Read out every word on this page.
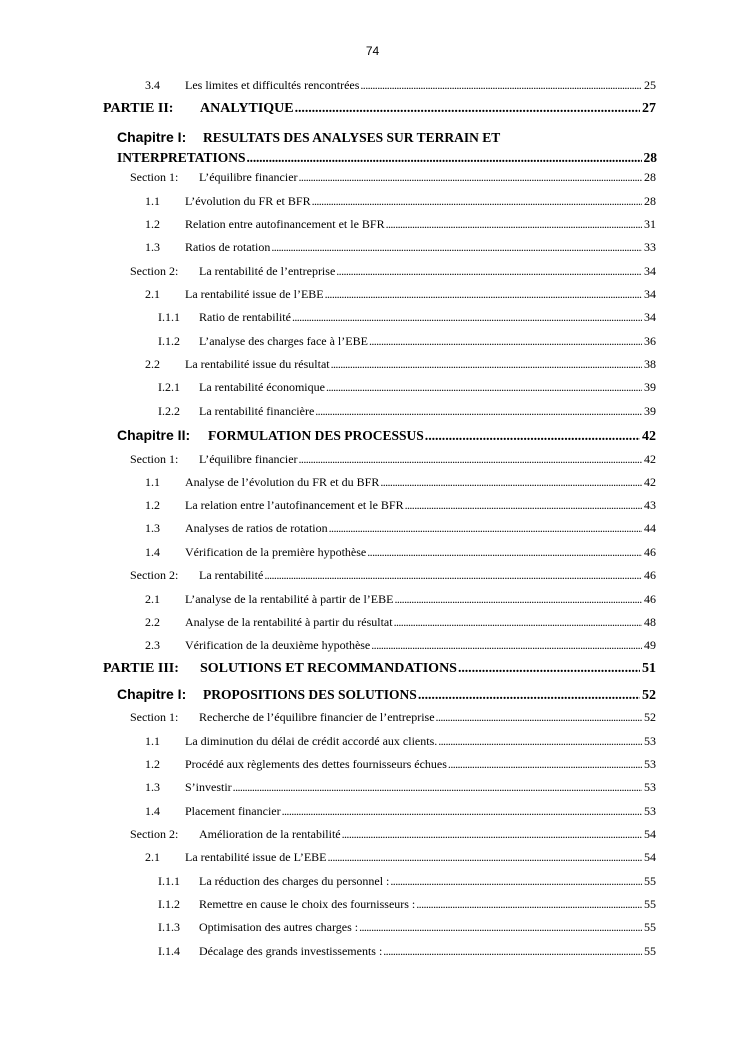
74
3.4	Les limites et difficultés rencontrées . . .	25
PARTIE II:	ANALYTIQUE . . .	27
Chapitre I:	RESULTATS DES ANALYSES SUR TERRAIN ET
INTERPRETATIONS . . .	28
Section 1:	L’équilibre financier . . .	28
1.1	L’évolution du FR et BFR . . .	28
1.2	Relation entre autofinancement et le BFR . . .	31
1.3	Ratios de rotation . . .	33
Section 2:	La rentabilité de l’entreprise . . .	34
2.1	La rentabilité issue de l’EBE . . .	34
I.1.1	Ratio de rentabilité . . .	34
I.1.2	L’analyse des charges face à l’EBE . . .	36
2.2	La rentabilité issue du résultat . . .	38
I.2.1	La rentabilité économique . . .	39
I.2.2	La rentabilité financière . . .	39
Chapitre II:	FORMULATION DES PROCESSUS . . .	42
Section 1:	L’équilibre financier . . .	42
1.1	Analyse de l’évolution du FR et du BFR . . .	42
1.2	La relation entre l’autofinancement et le BFR . . .	43
1.3	Analyses de ratios de rotation . . .	44
1.4	Vérification de la première hypothèse . . .	46
Section 2:	La rentabilité . . .	46
2.1	L’analyse de la rentabilité à partir de l’EBE . . .	46
2.2	Analyse de la rentabilité à partir du résultat . . .	48
2.3	Vérification de la deuxième hypothèse . . .	49
PARTIE III:	SOLUTIONS ET RECOMMANDATIONS . . .	51
Chapitre I:	PROPOSITIONS DES SOLUTIONS . . .	52
Section 1:	Recherche de l’équilibre financier de l’entreprise . . .	52
1.1	La diminution du délai de crédit accordé aux clients. . . .	53
1.2	Procédé aux règlements des dettes fournisseurs échues . . .	53
1.3	S’investir . . .	53
1.4	Placement financier . . .	53
Section 2:	Amélioration de la rentabilité . . .	54
2.1	La rentabilité issue de L’EBE . . .	54
I.1.1	La réduction des charges du personnel : . . .	55
I.1.2	Remettre en cause le choix des fournisseurs : . . .	55
I.1.3	Optimisation des autres charges : . . .	55
I.1.4	Décalage des grands investissements : . . .	55
